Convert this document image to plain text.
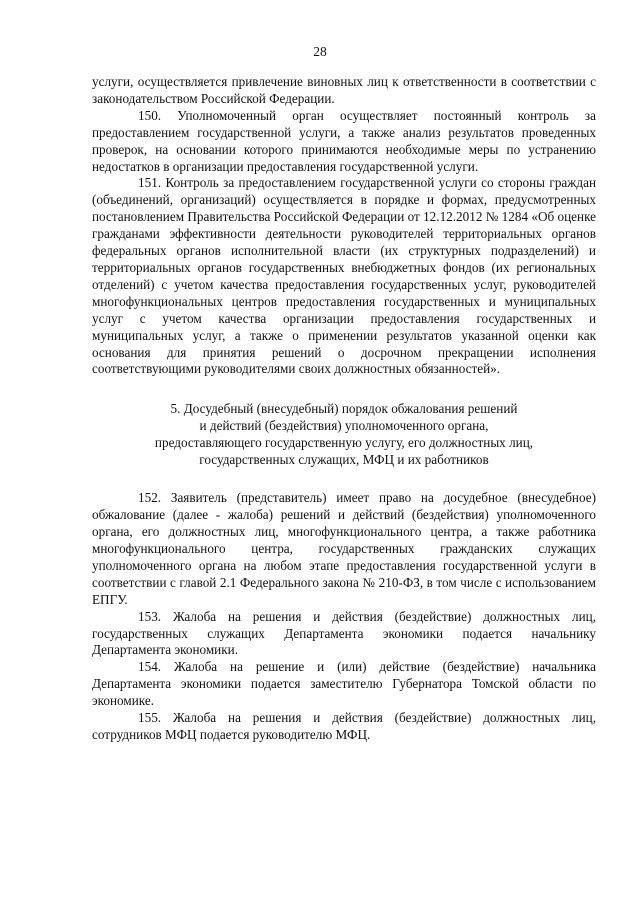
28

услуги, осуществляется привлечение виновных лиц к ответственности в соответствии с законодательством Российской Федерации.

150. Уполномоченный орган осуществляет постоянный контроль за предоставлением государственной услуги, а также анализ результатов проведенных проверок, на основании которого принимаются необходимые меры по устранению недостатков в организации предоставления государственной услуги.

151. Контроль за предоставлением государственной услуги со стороны граждан (объединений, организаций) осуществляется в порядке и формах, предусмотренных постановлением Правительства Российской Федерации от 12.12.2012 № 1284 «Об оценке гражданами эффективности деятельности руководителей территориальных органов федеральных органов исполнительной власти (их структурных подразделений) и территориальных органов государственных внебюджетных фондов (их региональных отделений) с учетом качества предоставления государственных услуг, руководителей многофункциональных центров предоставления государственных и муниципальных услуг с учетом качества организации предоставления государственных и муниципальных услуг, а также о применении результатов указанной оценки как основания для принятия решений о досрочном прекращении исполнения соответствующими руководителями своих должностных обязанностей».

5. Досудебный (внесудебный) порядок обжалования решений
и действий (бездействия) уполномоченного органа,
предоставляющего государственную услугу, его должностных лиц,
государственных служащих, МФЦ и их работников

152. Заявитель (представитель) имеет право на досудебное (внесудебное) обжалование (далее - жалоба) решений и действий (бездействия) уполномоченного органа, его должностных лиц, многофункционального центра, а также работника многофункционального центра, государственных гражданских служащих уполномоченного органа на любом этапе предоставления государственной услуги в соответствии с главой 2.1 Федерального закона № 210-ФЗ, в том числе с использованием ЕПГУ.

153. Жалоба на решения и действия (бездействие) должностных лиц, государственных служащих Департамента экономики подается начальнику Департамента экономики.

154. Жалоба на решение и (или) действие (бездействие) начальника Департамента экономики подается заместителю Губернатора Томской области по экономике.

155. Жалоба на решения и действия (бездействие) должностных лиц, сотрудников МФЦ подается руководителю МФЦ.
